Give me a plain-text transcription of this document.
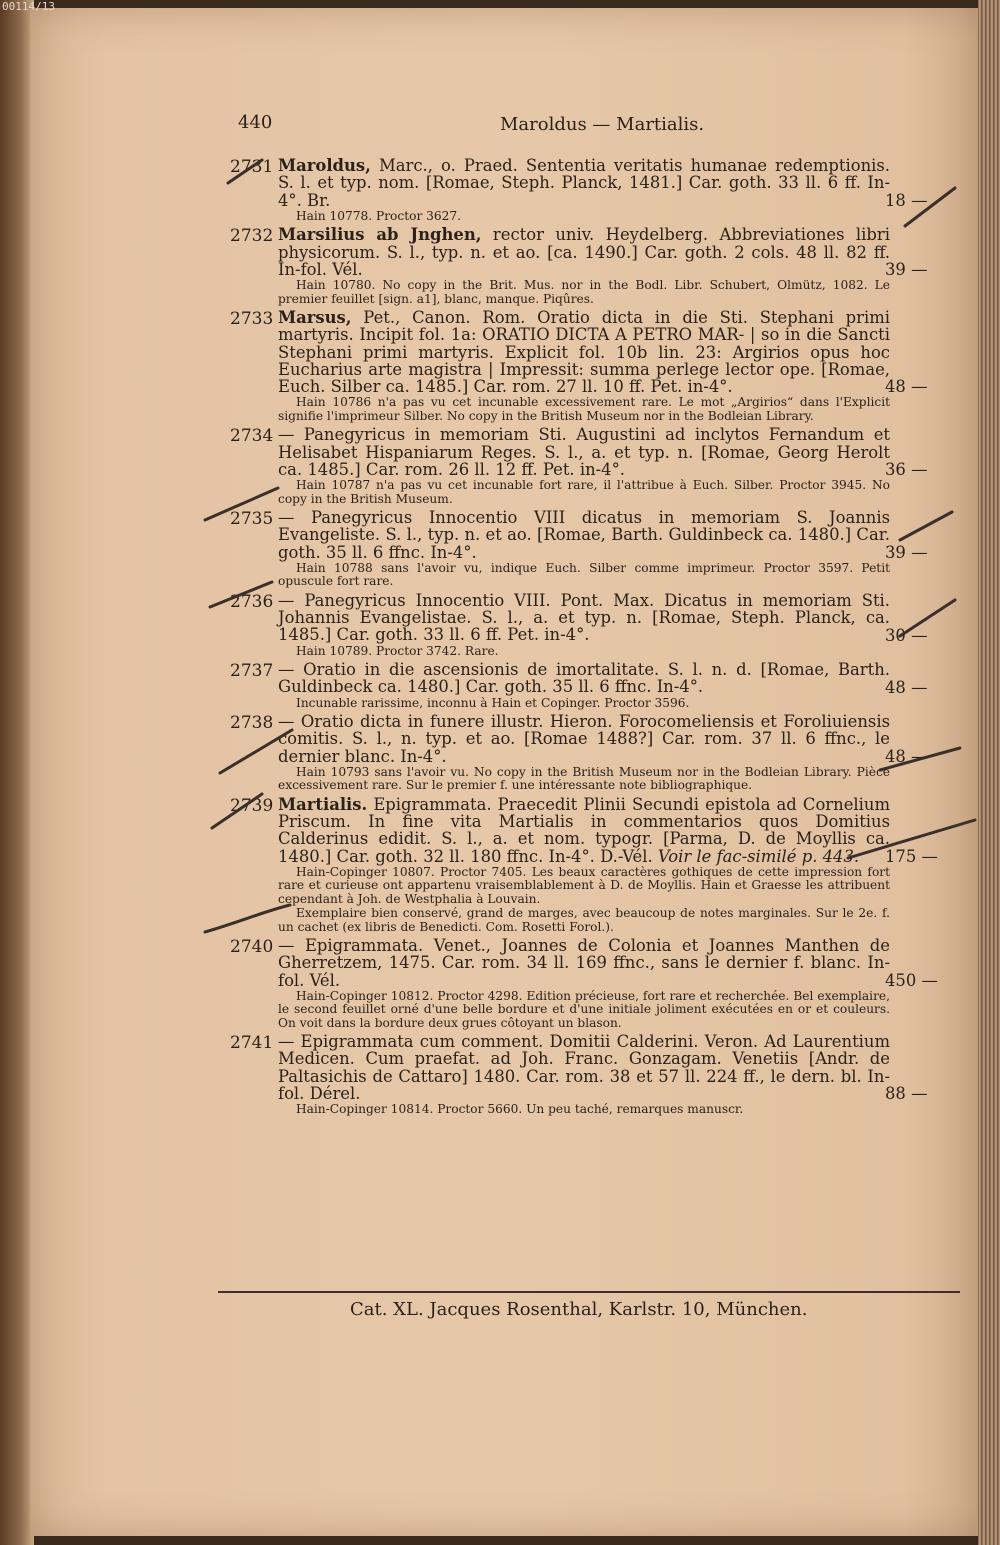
00114/13
440	Maroldus — Martialis.
2731 Maroldus, Marc., o. Praed. Sententia veritatis humanae redemptionis. S. l. et typ. nom. [Romae, Steph. Planck, 1481.] Car. goth. 33 ll. 6 ff. In-4°. Br.
Hain 10778. Proctor 3627.
18 —
2732 Marsilius ab Jnghen, rector univ. Heydelberg. Abbreviationes libri physicorum. S. l., typ. n. et ao. [ca. 1490.] Car. goth. 2 cols. 48 ll. 82 ff. In-fol. Vél.
Hain 10780. No copy in the Brit. Mus. nor in the Bodl. Libr. Schubert, Olmütz, 1082. Le premier feuillet [sign. a1], blanc, manque. Piqûres.
39 —
2733 Marsus, Pet., Canon. Rom. Oratio dicta in die Sti. Stephani primi martyris. Incipit fol. 1a: ORATIO DICTA A PETRO MAR- | so in die Sancti Stephani primi martyris. Explicit fol. 10b lin. 23: Argirios opus hoc Eucharius arte magistra | Impressit: summa perlege lector ope. [Romae, Euch. Silber ca. 1485.] Car. rom. 27 ll. 10 ff. Pet. in-4°.
Hain 10786 n'a pas vu cet incunable excessivement rare. Le mot „Argirios“ dans l'Explicit signifie l'imprimeur Silber. No copy in the British Museum nor in the Bodleian Library.
48 —
2734 — Panegyricus in memoriam Sti. Augustini ad inclytos Fernandum et Helisabet Hispaniarum Reges. S. l., a. et typ. n. [Romae, Georg Herolt ca. 1485.] Car. rom. 26 ll. 12 ff. Pet. in-4°.
Hain 10787 n'a pas vu cet incunable fort rare, il l'attribue à Euch. Silber. Proctor 3945. No copy in the British Museum.
36 —
2735 — Panegyricus Innocentio VIII dicatus in memoriam S. Joannis Evangeliste. S. l., typ. n. et ao. [Romae, Barth. Guldinbeck ca. 1480.] Car. goth. 35 ll. 6 ffnc. In-4°.
Hain 10788 sans l'avoir vu, indique Euch. Silber comme imprimeur. Proctor 3597. Petit opuscule fort rare.
39 —
2736 — Panegyricus Innocentio VIII. Pont. Max. Dicatus in memoriam Sti. Johannis Evangelistae. S. l., a. et typ. n. [Romae, Steph. Planck, ca. 1485.] Car. goth. 33 ll. 6 ff. Pet. in-4°.
Hain 10789. Proctor 3742. Rare.
30 —
2737 — Oratio in die ascensionis de imortalitate. S. l. n. d. [Romae, Barth. Guldinbeck ca. 1480.] Car. goth. 35 ll. 6 ffnc. In-4°.
Incunable rarissime, inconnu à Hain et Copinger. Proctor 3596.
48 —
2738 — Oratio dicta in funere illustr. Hieron. Forocomeliensis et Foroliuiensis comitis. S. l., n. typ. et ao. [Romae 1488?] Car. rom. 37 ll. 6 ffnc., le dernier blanc. In-4°.
Hain 10793 sans l'avoir vu. No copy in the British Museum nor in the Bodleian Library. Pièce excessivement rare. Sur le premier f. une intéressante note bibliographique.
48 —
2739 Martialis. Epigrammata. Praecedit Plinii Secundi epistola ad Cornelium Priscum. In fine vita Martialis in commentarios quos Domitius Calderinus edidit. S. l., a. et nom. typogr. [Parma, D. de Moyllis ca. 1480.] Car. goth. 32 ll. 180 ffnc. In-4°. D.-Vél. Voir le fac-similé p. 443.
Hain-Copinger 10807. Proctor 7405. Les beaux caractères gothiques de cette impression fort rare et curieuse ont appartenu vraisemblablement à D. de Moyllis. Hain et Graesse les attribuent cependant à Joh. de Westphalia à Louvain.
Exemplaire bien conservé, grand de marges, avec beaucoup de notes marginales. Sur le 2e. f. un cachet (ex libris de Benedicti. Com. Rosetti Forol.).
175 —
2740 — Epigrammata. Venet., Joannes de Colonia et Joannes Manthen de Gherretzem, 1475. Car. rom. 34 ll. 169 ffnc., sans le dernier f. blanc. In-fol. Vél.
Hain-Copinger 10812. Proctor 4298. Edition précieuse, fort rare et recherchée. Bel exemplaire, le second feuillet orné d'une belle bordure et d'une initiale joliment exécutées en or et couleurs. On voit dans la bordure deux grues côtoyant un blason.
450 —
2741 — Epigrammata cum comment. Domitii Calderini. Veron. Ad Laurentium Medicen. Cum praefat. ad Joh. Franc. Gonzagam. Venetiis [Andr. de Paltasichis de Cattaro] 1480. Car. rom. 38 et 57 ll. 224 ff., le dern. bl. In-fol. Dérel.
Hain-Copinger 10814. Proctor 5660. Un peu taché, remarques manuscr.
88 —
Cat. XL. Jacques Rosenthal, Karlstr. 10, München.
